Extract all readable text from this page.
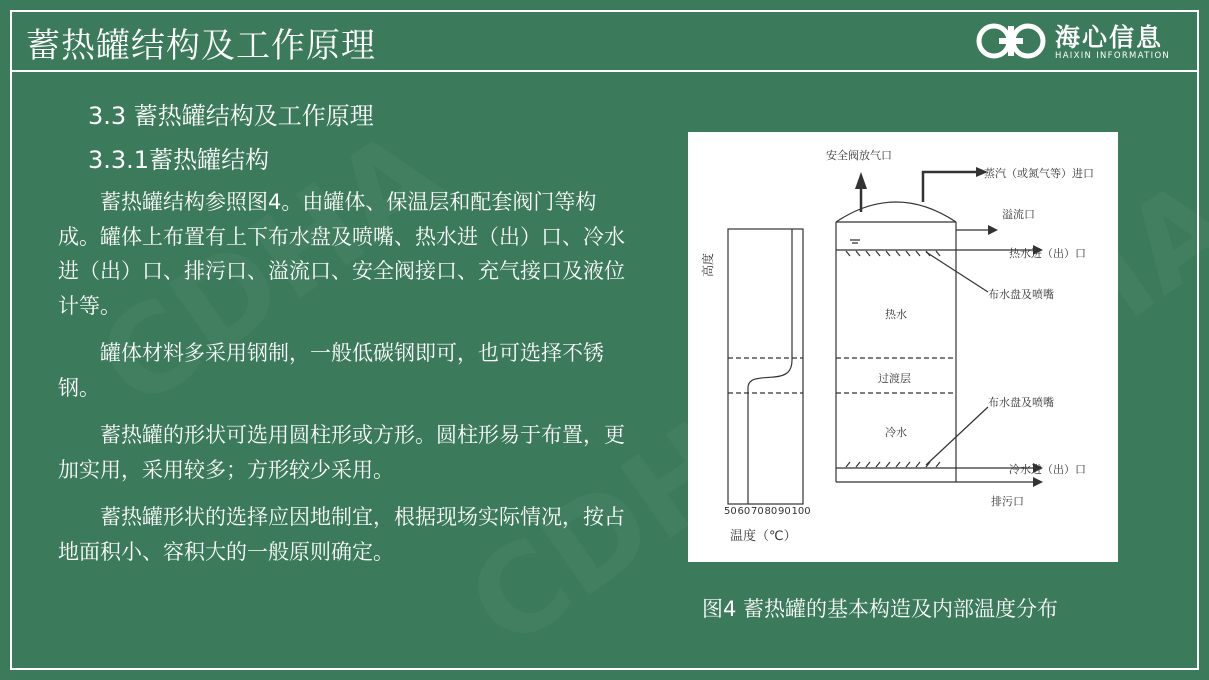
蓄热罐结构及工作原理	海心信息
HAIXIN INFORMATION
3.3 蓄热罐结构及工作原理
3.3.1蓄热罐结构

蓄热罐结构参照图4。由罐体、保温层和配套阀门等构成。罐体上布置有上下布水盘及喷嘴、热水进（出）口、冷水进（出）口、排污口、溢流口、安全阀接口、充气接口及液位计等。

罐体材料多采用钢制，一般低碳钢即可，也可选择不锈钢。

蓄热罐的形状可选用圆柱形或方形。圆柱形易于布置，更加实用，采用较多；方形较少采用。

蓄热罐形状的选择应因地制宜，根据现场实际情况，按占地面积小、容积大的一般原则确定。

安全阀放气口
蒸汽（或氮气等）进口
溢流口
热水进（出）口
布水盘及喷嘴
热水
过渡层
布水盘及喷嘴
冷水
冷水进（出）口
排污口
高度
温度（℃）
50 60 70 80 90 100
图4 蓄热罐的基本构造及内部温度分布
